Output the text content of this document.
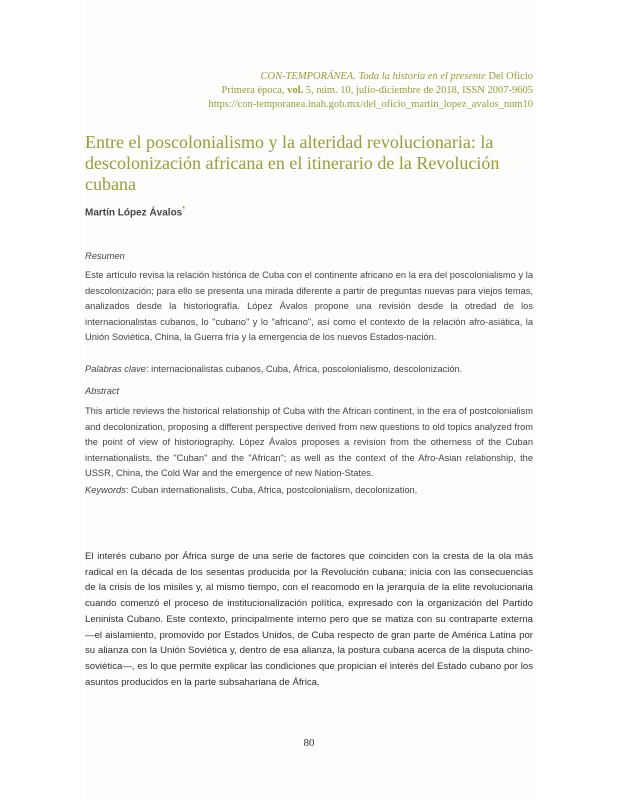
CON-TEMPORÁNEA. Toda la historia en el presente Del Oficio
Primera época, vol. 5, núm. 10, julio-diciembre de 2018, ISSN 2007-9605
https://con-temporanea.inah.gob.mx/del_oficio_martin_lopez_avalos_num10
Entre el poscolonialismo y la alteridad revolucionaria: la descolonización africana en el itinerario de la Revolución cubana
Martín López Ávalos*
Resumen

Este artículo revisa la relación histórica de Cuba con el continente africano en la era del poscolonialismo y la descolonización; para ello se presenta una mirada diferente a partir de preguntas nuevas para viejos temas, analizados desde la historiografía. López Ávalos propone una revisión desde la otredad de los internacionalistas cubanos, lo "cubano" y lo "africano", así como el contexto de la relación afro-asiática, la Unión Soviética, China, la Guerra fría y la emergencia de los nuevos Estados-nación.

Palabras clave: internacionalistas cubanos, Cuba, África, poscolonialismo, descolonización.

Abstract

This article reviews the historical relationship of Cuba with the African continent, in the era of postcolonialism and decolonization, proposing a different perspective derived from new questions to old topics analyzed from the point of view of historiography. López Ávalos proposes a revision from the otherness of the Cuban internationalists, the "Cuban" and the "African"; as well as the context of the Afro-Asian relationship, the USSR, China, the Cold War and the emergence of new Nation-States.

Keywords: Cuban internationalists, Cuba, Africa, postcolonialism, decolonization.

El interés cubano por África surge de una serie de factores que coinciden con la cresta de la ola más radical en la década de los sesentas producida por la Revolución cubana; inicia con las consecuencias de la crisis de los misiles y, al mismo tiempo, con el reacomodo en la jerarquía de la elite revolucionaria cuando comenzó el proceso de institucionalización política, expresado con la organización del Partido Leninista Cubano. Este contexto, principalmente interno pero que se matiza con su contraparte externa —el aislamiento, promovido por Estados Unidos, de Cuba respecto de gran parte de América Latina por su alianza con la Unión Soviética y, dentro de esa alianza, la postura cubana acerca de la disputa chino-soviética—, es lo que permite explicar las condiciones que propician el interés del Estado cubano por los asuntos producidos en la parte subsahariana de África.

80
